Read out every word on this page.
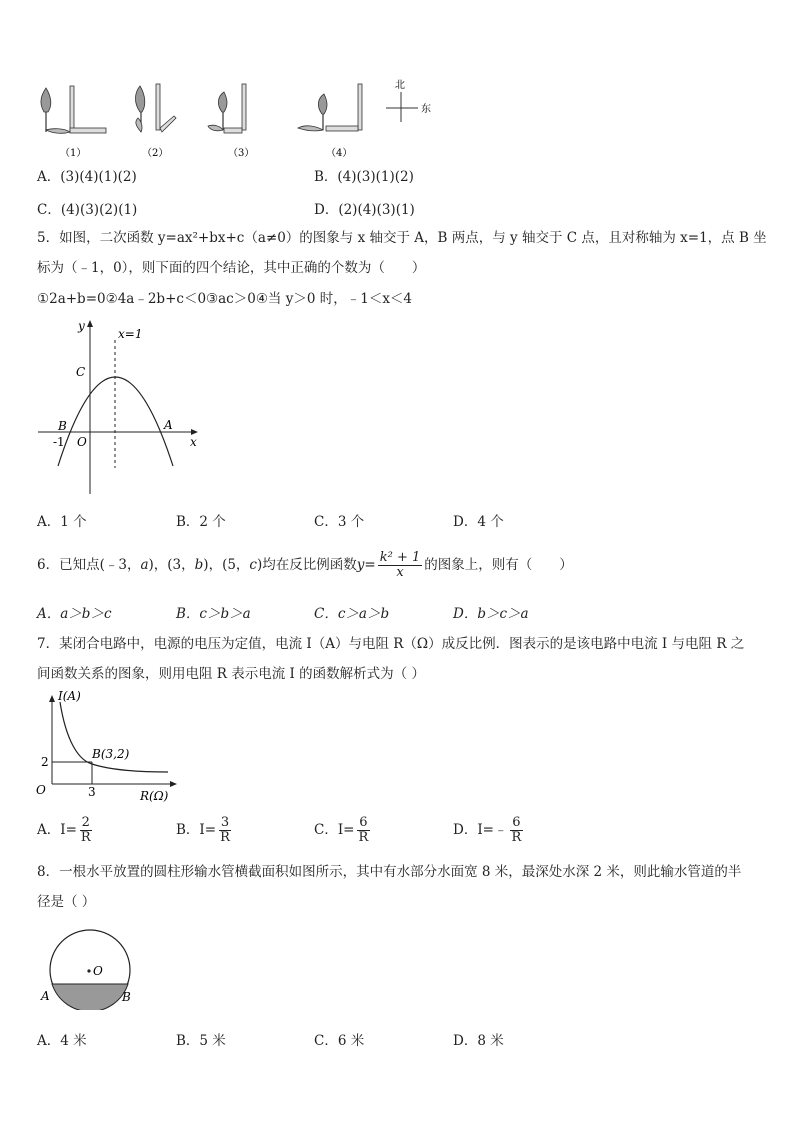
北
东
（1）	（2）	（3）	（4）
A．(3)(4)(1)(2)	B．(4)(3)(1)(2)
C．(4)(3)(2)(1)	D．(2)(4)(3)(1)
5．如图，二次函数 y=ax²+bx+c（a≠0）的图象与 x 轴交于 A，B 两点，与 y 轴交于 C 点，且对称轴为 x=1，点 B 坐
标为（﹣1，0），则下面的四个结论，其中正确的个数为（　　）
①2a+b=0②4a﹣2b+c＜0③ac＞0④当 y＞0 时，﹣1＜x＜4
y
x
x=1
C
B	A
O
-1
A．1 个	B．2 个	C．3 个	D．4 个
6．已知点(﹣3，a)，(3，b)，(5，c)均在反比例函数$y= \frac{\text{k² + 1}}{x}$ 的图象上，则有（　　）
A．a＞b＞c	B．c＞b＞a	C．c＞a＞b	D．b＞c＞a
7．某闭合电路中，电源的电压为定值，电流 I（A）与电阻 R（Ω）成反比例．图表示的是该电路中电流 I 与电阻 R 之
间函数关系的图象，则用电阻 R 表示电流 I 的函数解析式为（ ）
I(A)
R(Ω)
B(3,2)
O
2
3
A．$I= \frac{2}{R}$	B．$I= \frac{3}{R}$	C．$I= \frac{6}{R}$	D．I=﹣ $\frac{6}{R}$
8．一根水平放置的圆柱形输水管横截面积如图所示，其中有水部分水面宽 8 米，最深处水深 2 米，则此输水管道的半
径是（ ）
O
A	B
A．4 米	B．5 米	C．6 米	D．8 米
